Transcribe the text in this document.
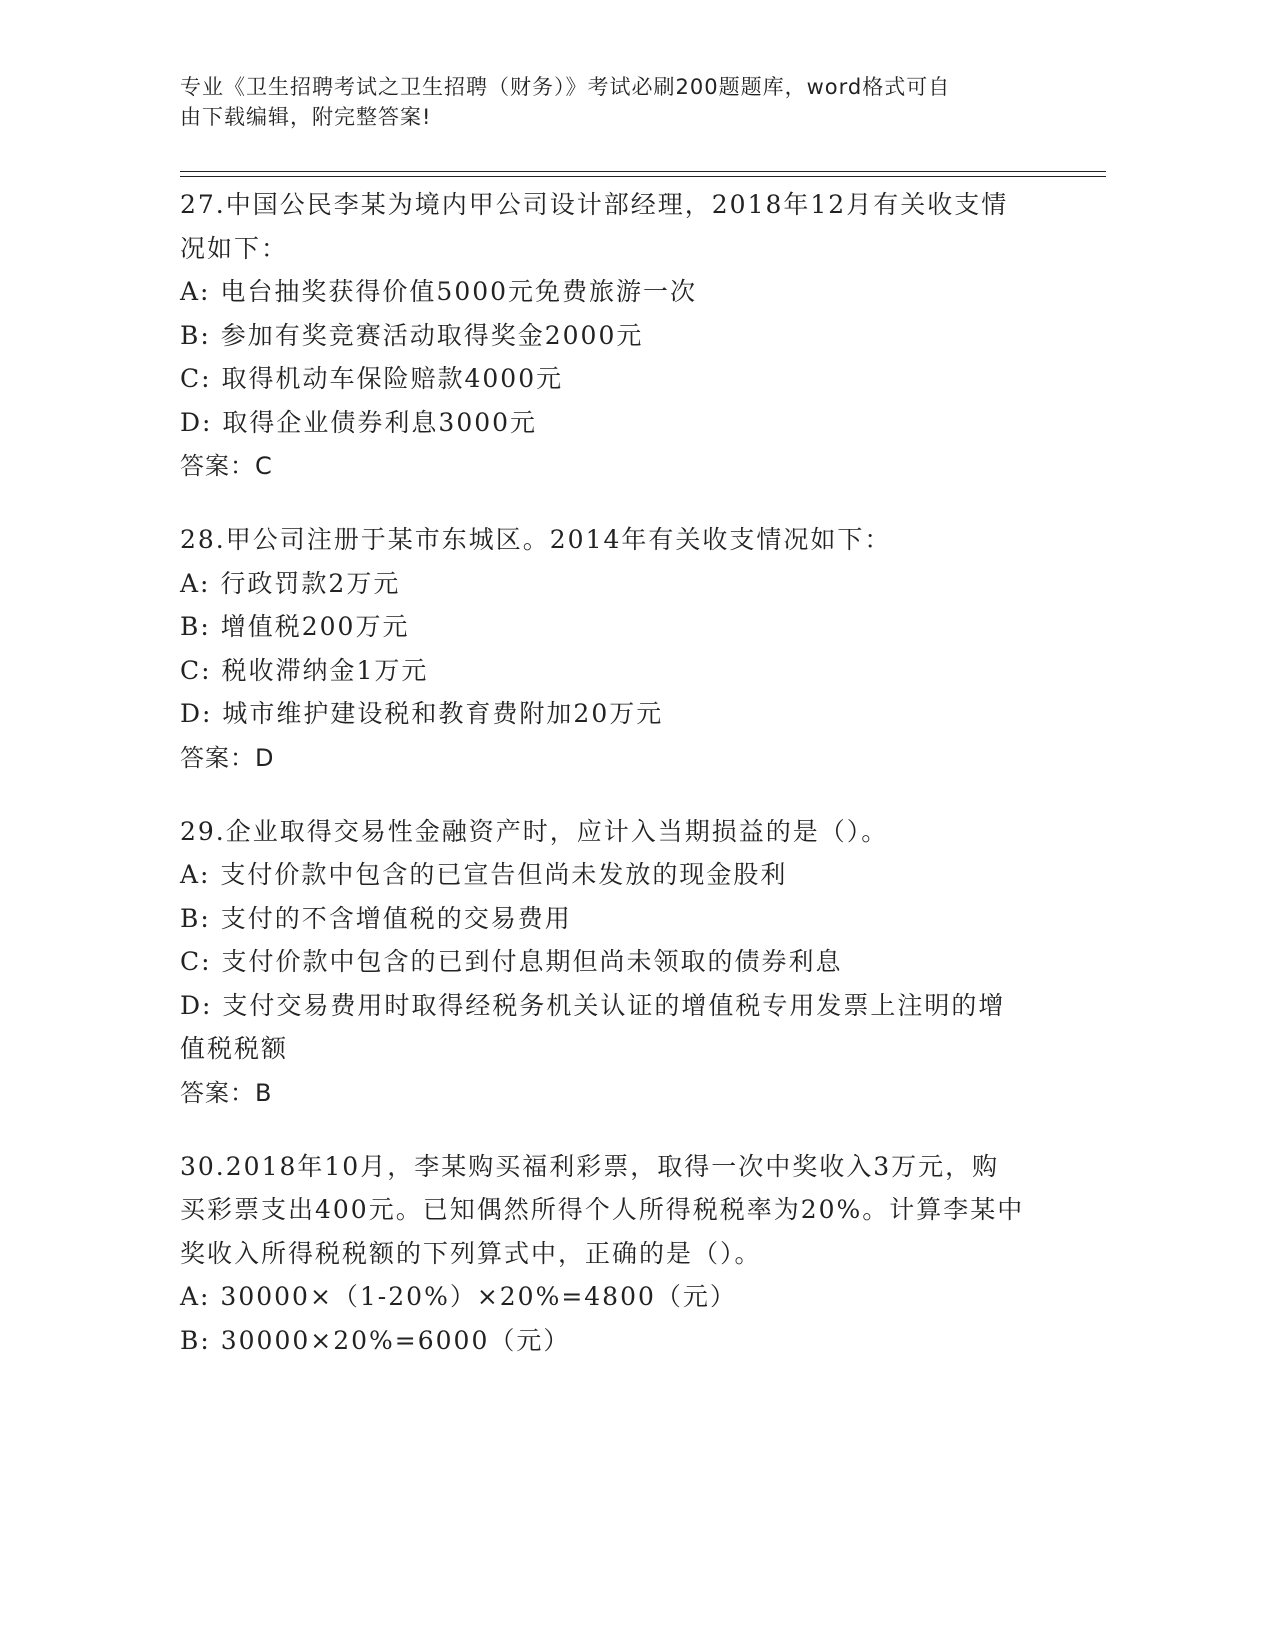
专业《卫生招聘考试之卫生招聘（财务）》考试必刷200题题库，word格式可自
由下载编辑，附完整答案!
27.中国公民李某为境内甲公司设计部经理，2018年12月有关收支情
况如下：
A: 电台抽奖获得价值5000元免费旅游一次
B: 参加有奖竞赛活动取得奖金2000元
C: 取得机动车保险赔款4000元
D: 取得企业债券利息3000元
答案：C
28.甲公司注册于某市东城区。2014年有关收支情况如下：
A: 行政罚款2万元
B: 增值税200万元
C: 税收滞纳金1万元
D: 城市维护建设税和教育费附加20万元
答案：D
29.企业取得交易性金融资产时，应计入当期损益的是（）。
A: 支付价款中包含的已宣告但尚未发放的现金股利
B: 支付的不含增值税的交易费用
C: 支付价款中包含的已到付息期但尚未领取的债券利息
D: 支付交易费用时取得经税务机关认证的增值税专用发票上注明的增
值税税额
答案：B
30.2018年10月，李某购买福利彩票，取得一次中奖收入3万元，购
买彩票支出400元。已知偶然所得个人所得税税率为20%。计算李某中
奖收入所得税税额的下列算式中，正确的是（）。
A: 30000×（1-20%）×20%=4800（元）
B: 30000×20%=6000（元）
